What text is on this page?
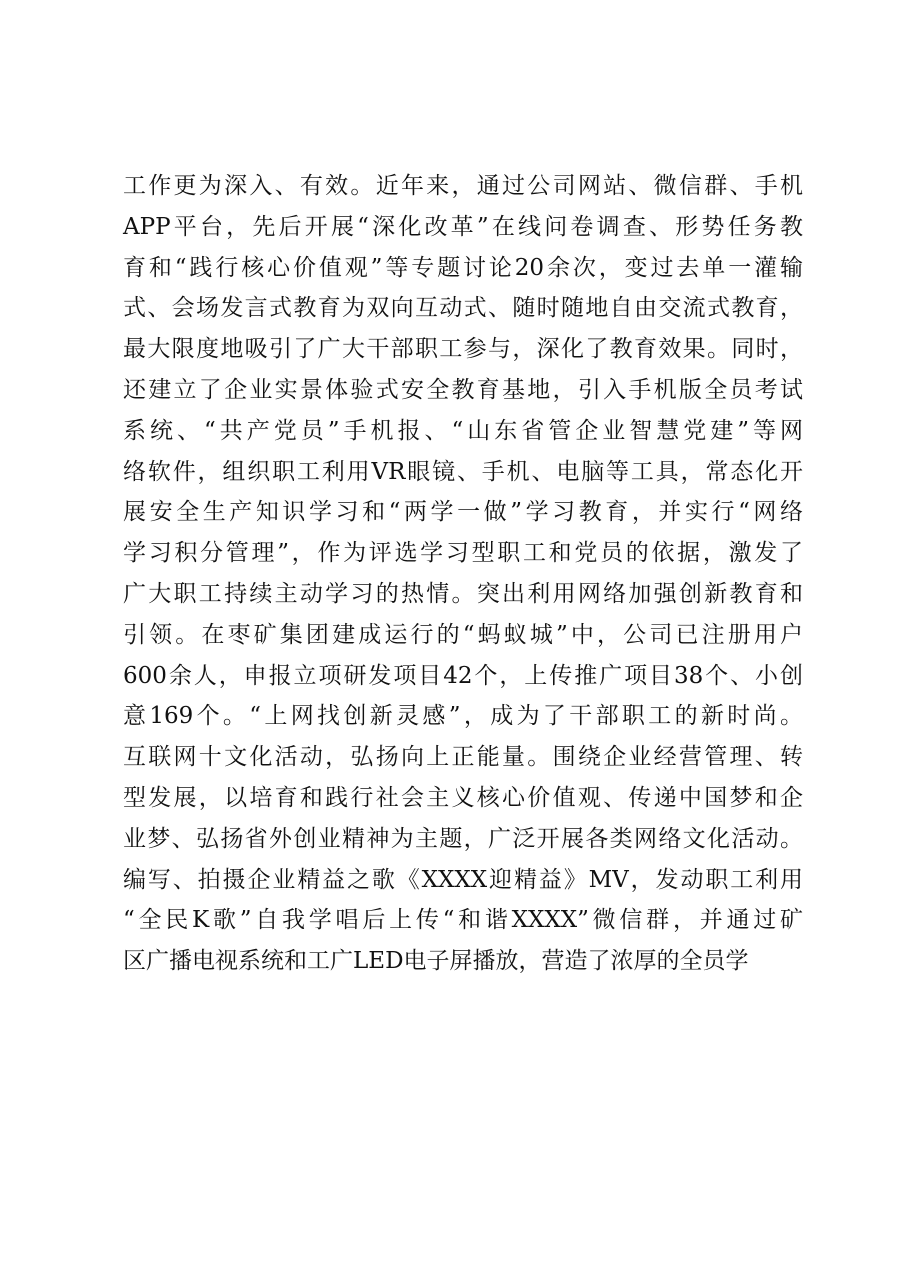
工作更为深入、有效。近年来，通过公司网站、微信群、手机
APP平台，先后开展“深化改革”在线问卷调查、形势任务教
育和“践行核心价值观”等专题讨论20余次，变过去单一灌输
式、会场发言式教育为双向互动式、随时随地自由交流式教育，
最大限度地吸引了广大干部职工参与，深化了教育效果。同时，
还建立了企业实景体验式安全教育基地，引入手机版全员考试
系统、“共产党员”手机报、“山东省管企业智慧党建”等网
络软件，组织职工利用VR眼镜、手机、电脑等工具，常态化开
展安全生产知识学习和“两学一做”学习教育，并实行“网络
学习积分管理”，作为评选学习型职工和党员的依据，激发了
广大职工持续主动学习的热情。突出利用网络加强创新教育和
引领。在枣矿集团建成运行的“蚂蚁城”中，公司已注册用户
600余人，申报立项研发项目42个，上传推广项目38个、小创
意169个。“上网找创新灵感”，成为了干部职工的新时尚。
互联网十文化活动，弘扬向上正能量。围绕企业经营管理、转
型发展，以培育和践行社会主义核心价值观、传递中国梦和企
业梦、弘扬省外创业精神为主题，广泛开展各类网络文化活动。
编写、拍摄企业精益之歌《XXXX迎精益》MV，发动职工利用
“全民K歌”自我学唱后上传“和谐XXXX”微信群，并通过矿
区广播电视系统和工广LED电子屏播放，营造了浓厚的全员学
